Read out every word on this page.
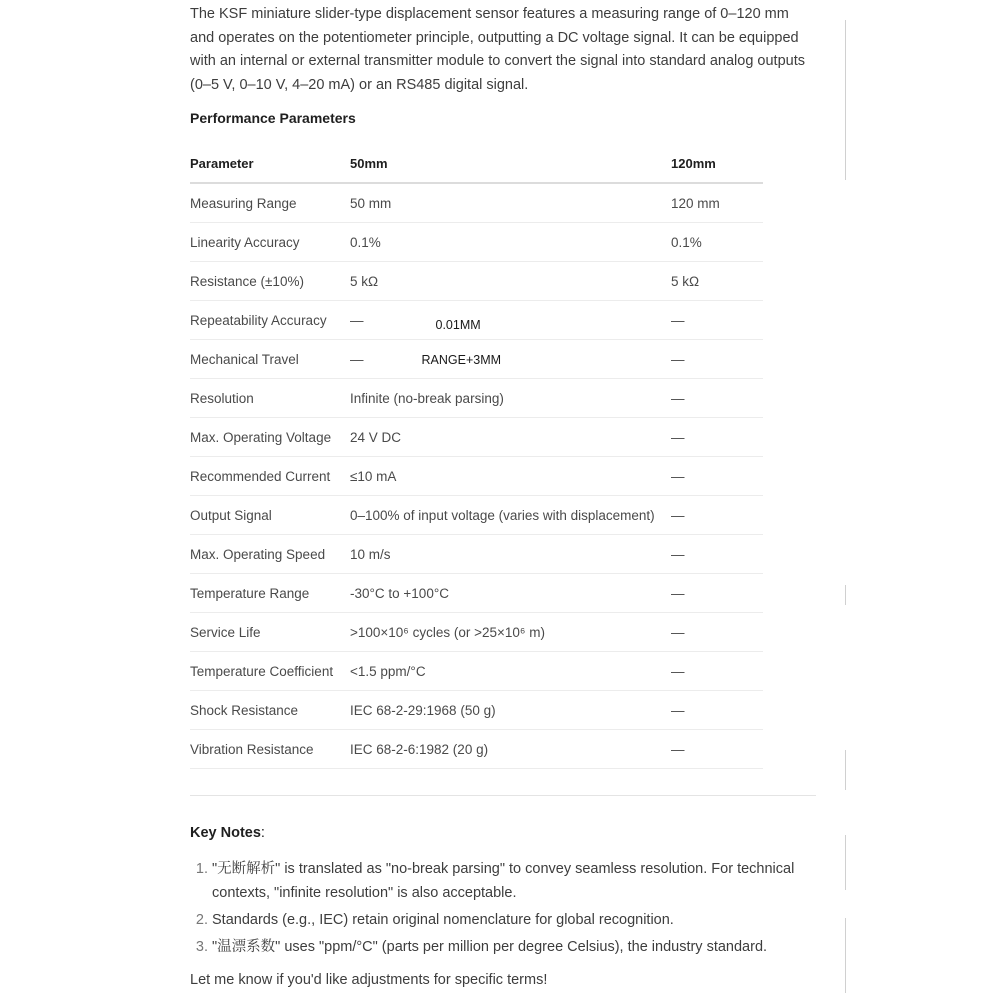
The KSF miniature slider-type displacement sensor features a measuring range of 0–120 mm and operates on the potentiometer principle, outputting a DC voltage signal. It can be equipped with an internal or external transmitter module to convert the signal into standard analog outputs (0–5 V, 0–10 V, 4–20 mA) or an RS485 digital signal.

Performance Parameters
Parameter	50mm	120mm
Measuring Range	50 mm	120 mm
Linearity Accuracy	0.1%	0.1%
Resistance (±10%)	5 kΩ	5 kΩ
Repeatability Accuracy	— 0.01MM	—
Mechanical Travel	— RANGE+3MM	—
Resolution	Infinite (no-break parsing)	—
Max. Operating Voltage	24 V DC	—
Recommended Current	≤10 mA	—
Output Signal	0–100% of input voltage (varies with displacement)	—
Max. Operating Speed	10 m/s	—
Temperature Range	-30°C to +100°C	—
Service Life	>100×10⁶ cycles (or >25×10⁶ m)	—
Temperature Coefficient	<1.5 ppm/°C	—
Shock Resistance	IEC 68-2-29:1968 (50 g)	—
Vibration Resistance	IEC 68-2-6:1982 (20 g)	—
Key Notes:
1. "无断解析" is translated as "no-break parsing" to convey seamless resolution. For technical contexts, "infinite resolution" is also acceptable.
2. Standards (e.g., IEC) retain original nomenclature for global recognition.
3. "温漂系数" uses "ppm/°C" (parts per million per degree Celsius), the industry standard.
Let me know if you'd like adjustments for specific terms!
